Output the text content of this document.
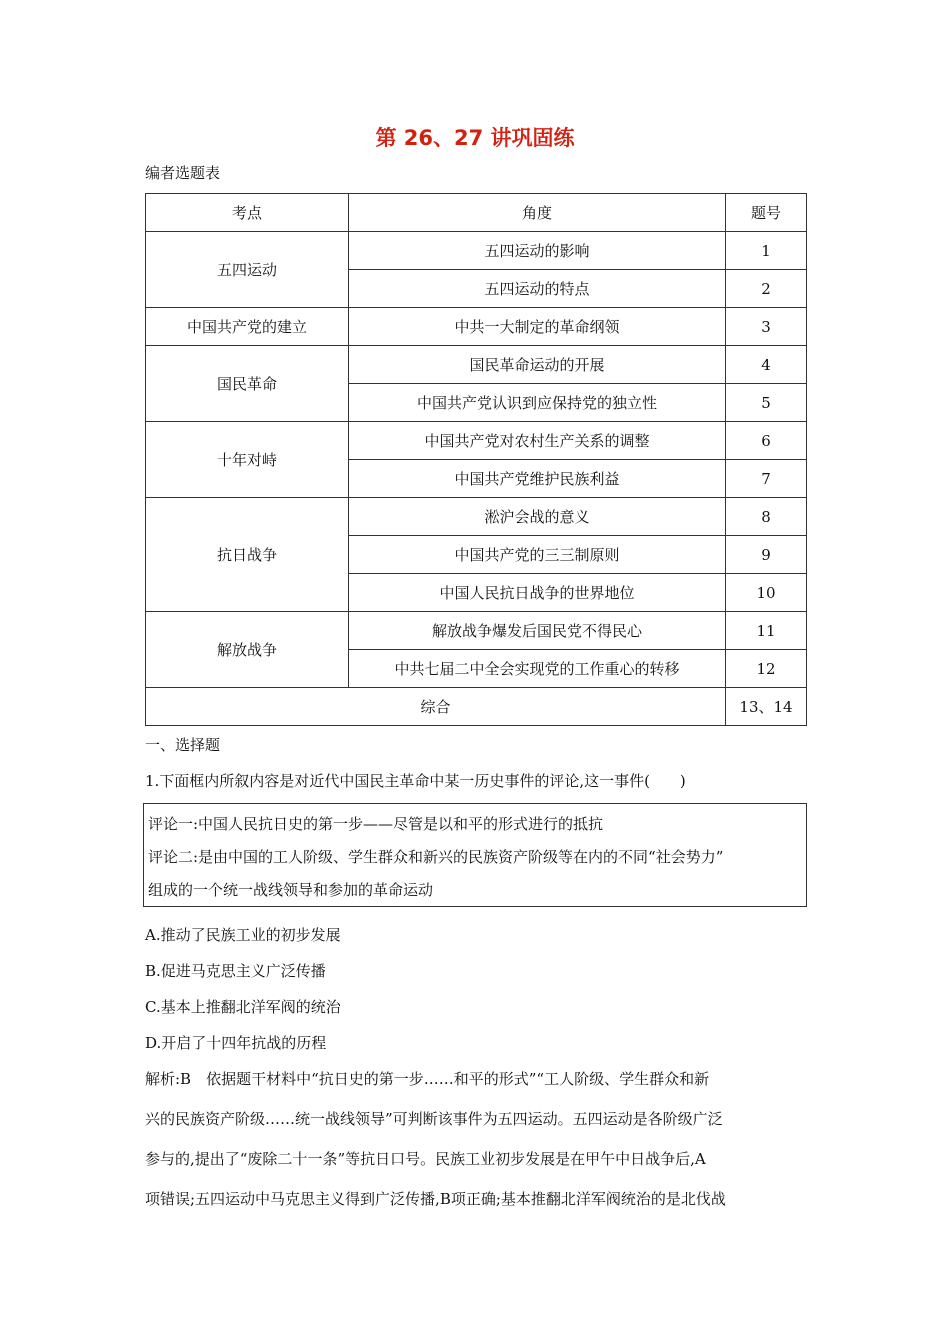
第 26、27 讲巩固练
编者选题表
考点	角度	题号
五四运动	五四运动的影响	1
	五四运动的特点	2
中国共产党的建立	中共一大制定的革命纲领	3
国民革命	国民革命运动的开展	4
	中国共产党认识到应保持党的独立性	5
十年对峙	中国共产党对农村生产关系的调整	6
	中国共产党维护民族利益	7
抗日战争	淞沪会战的意义	8
	中国共产党的三三制原则	9
	中国人民抗日战争的世界地位	10
解放战争	解放战争爆发后国民党不得民心	11
	中共七届二中全会实现党的工作重心的转移	12
综合		13、14
一、选择题
1.下面框内所叙内容是对近代中国民主革命中某一历史事件的评论,这一事件(　　)
评论一:中国人民抗日史的第一步——尽管是以和平的形式进行的抵抗
评论二:是由中国的工人阶级、学生群众和新兴的民族资产阶级等在内的不同“社会势力”
组成的一个统一战线领导和参加的革命运动
A.推动了民族工业的初步发展
B.促进马克思主义广泛传播
C.基本上推翻北洋军阀的统治
D.开启了十四年抗战的历程
解析:B　依据题干材料中“抗日史的第一步……和平的形式”“工人阶级、学生群众和新
兴的民族资产阶级……统一战线领导”可判断该事件为五四运动。五四运动是各阶级广泛
参与的,提出了“废除二十一条”等抗日口号。民族工业初步发展是在甲午中日战争后,A
项错误;五四运动中马克思主义得到广泛传播,B项正确;基本推翻北洋军阀统治的是北伐战
